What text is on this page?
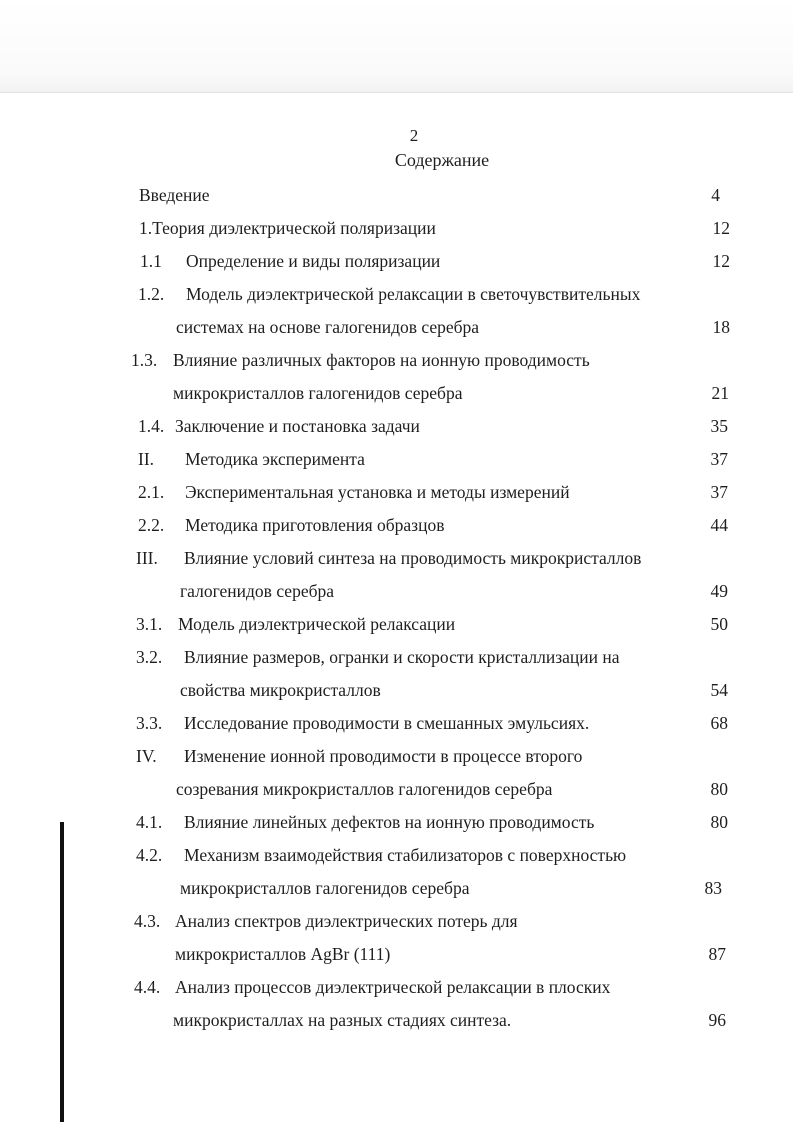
2
Содержание
Введение	4
1.Теория диэлектрической поляризации	12
1.1 Определение и виды поляризации	12
1.2. Модель диэлектрической релаксации в светочувствительных
системах на основе галогенидов серебра	18
1.3. Влияние различных факторов на ионную проводимость
микрокристаллов галогенидов серебра	21
1.4. Заключение и постановка задачи	35
II. Методика эксперимента	37
2.1. Экспериментальная установка и методы измерений	37
2.2. Методика приготовления образцов	44
III. Влияние условий синтеза на проводимость микрокристаллов
галогенидов серебра	49
3.1. Модель диэлектрической релаксации	50
3.2. Влияние размеров, огранки и скорости кристаллизации на
свойства микрокристаллов	54
3.3. Исследование проводимости в смешанных эмульсиях.	68
IV. Изменение ионной проводимости в процессе второго
созревания микрокристаллов галогенидов серебра	80
4.1. Влияние линейных дефектов на ионную проводимость	80
4.2. Механизм взаимодействия стабилизаторов с поверхностью
микрокристаллов галогенидов серебра	83
4.3. Анализ спектров диэлектрических потерь для
микрокристаллов AgBr (111)	87
4.4. Анализ процессов диэлектрической релаксации в плоских
микрокристаллах на разных стадиях синтеза.	96
